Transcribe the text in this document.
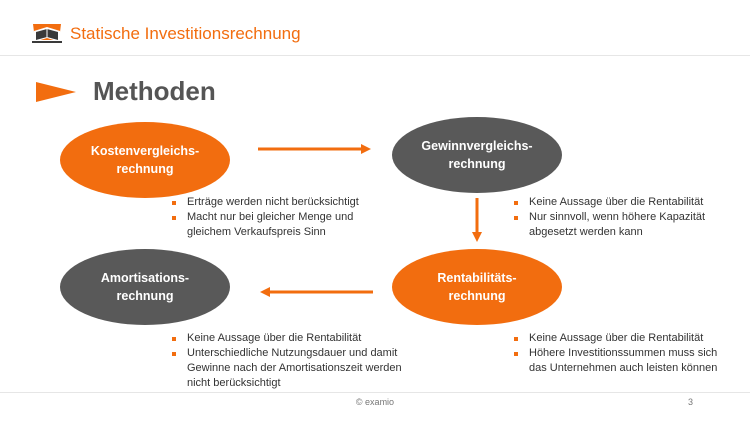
Statische Investitionsrechnung
Methoden
Kostenvergleichs-
rechnung
Gewinnvergleichs-
rechnung
Rentabilitäts-
rechnung
Amortisations-
rechnung
Erträge werden nicht berücksichtigt
Macht nur bei gleicher Menge und gleichem Verkaufspreis Sinn
Keine Aussage über die Rentabilität
Nur sinnvoll, wenn höhere Kapazität abgesetzt werden kann
Keine Aussage über die Rentabilität
Höhere Investitionssummen muss sich das Unternehmen auch leisten können
Keine Aussage über die Rentabilität
Unterschiedliche Nutzungsdauer und damit Gewinne nach der Amortisationszeit werden nicht berücksichtigt
© examio	3
